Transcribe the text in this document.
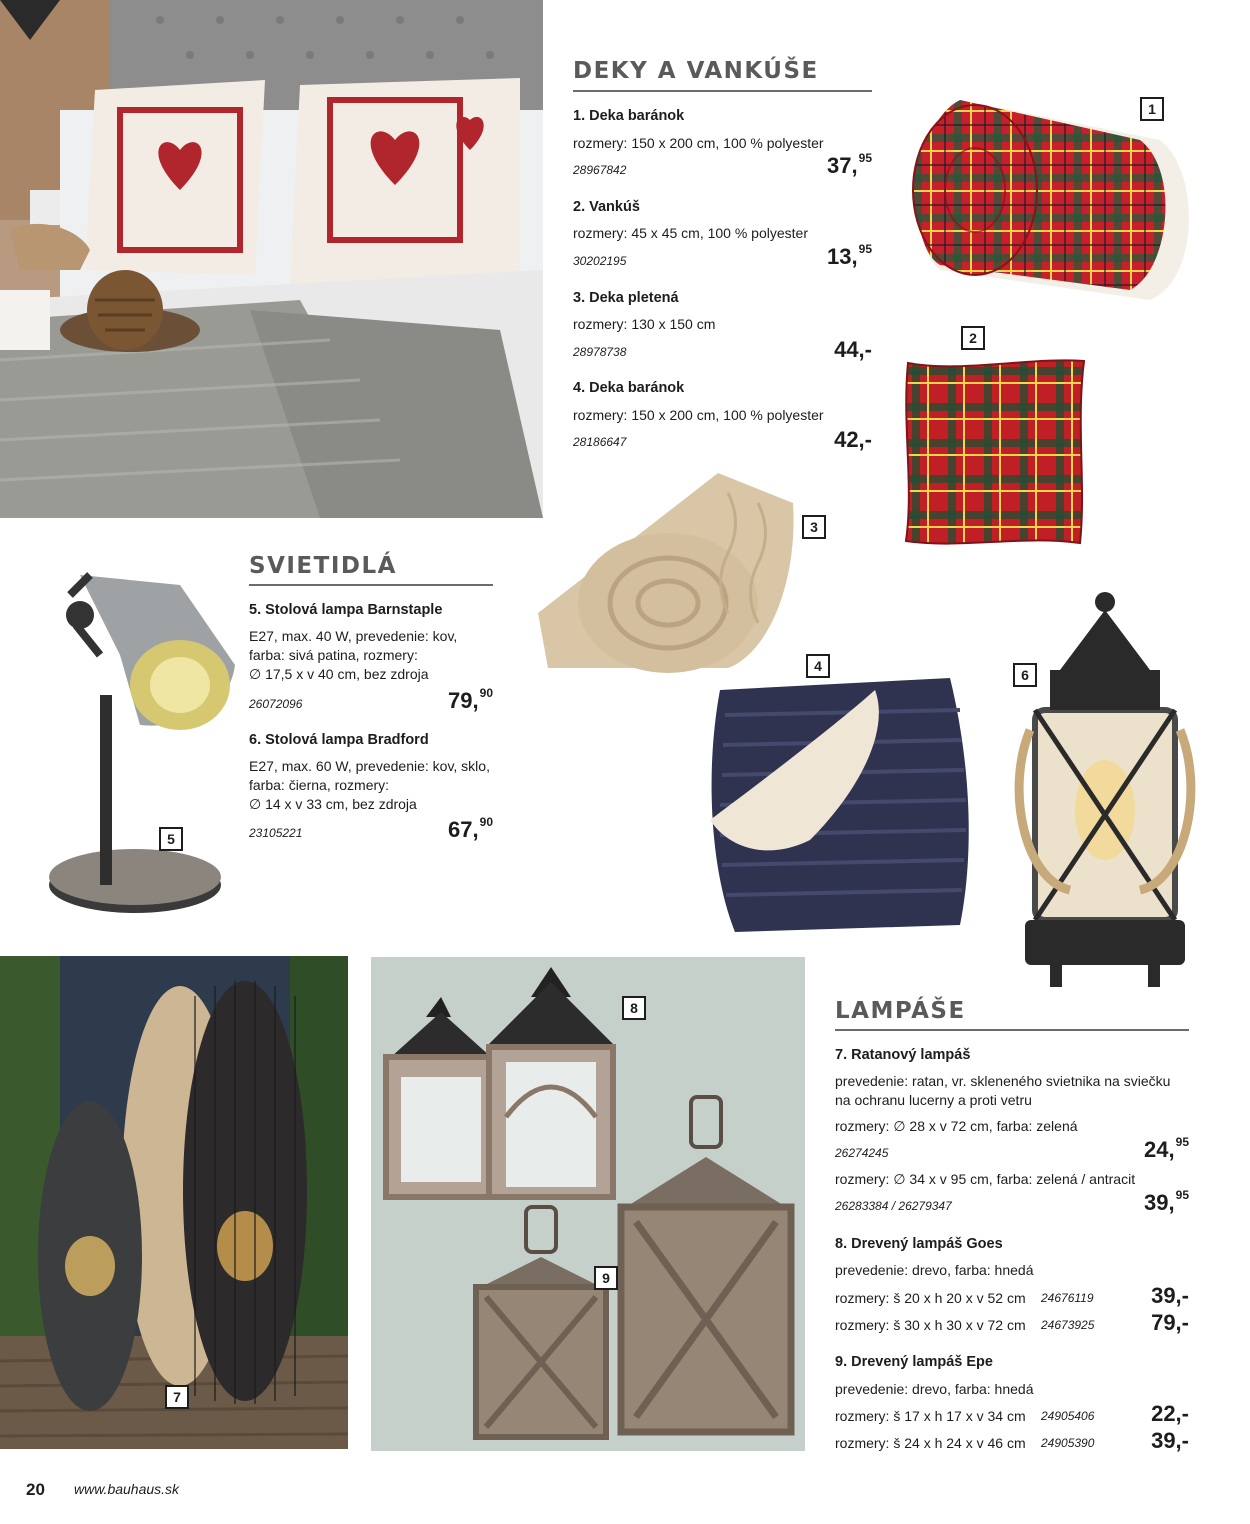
DEKY A VANKÚŠE
1. Deka baránok
rozmery: 150 x 200 cm, 100 % polyester
28967842	37,95
2. Vankúš
rozmery: 45 x 45 cm, 100 % polyester
30202195	13,95
3. Deka pletená
rozmery: 130 x 150 cm
28978738	44,-
4. Deka baránok
rozmery: 150 x 200 cm, 100 % polyester
28186647	42,-
SVIETIDLÁ
5. Stolová lampa Barnstaple
E27, max. 40 W, prevedenie: kov,
farba: sivá patina, rozmery:
∅ 17,5 x v 40 cm, bez zdroja
26072096	79,90
6. Stolová lampa Bradford
E27, max. 60 W, prevedenie: kov, sklo,
farba: čierna, rozmery:
∅ 14 x v 33 cm, bez zdroja
23105221	67,90
LAMPÁŠE
7. Ratanový lampáš
prevedenie: ratan, vr. skleneného svietnika na sviečku
na ochranu lucerny a proti vetru
rozmery: ∅ 28 x v 72 cm, farba: zelená
26274245	24,95
rozmery: ∅ 34 x v 95 cm, farba: zelená / antracit
26283384 / 26279347	39,95
8. Drevený lampáš Goes
prevedenie: drevo, farba: hnedá
rozmery: š 20 x h 20 x v 52 cm 24676119	39,-
rozmery: š 30 x h 30 x v 72 cm 24673925	79,-
9. Drevený lampáš Epe
prevedenie: drevo, farba: hnedá
rozmery: š 17 x h 17 x v 34 cm 24905406	22,-
rozmery: š 24 x h 24 x v 46 cm 24905390	39,-
1
2
3
4
5
6
7
8
9
20 www.bauhaus.sk
